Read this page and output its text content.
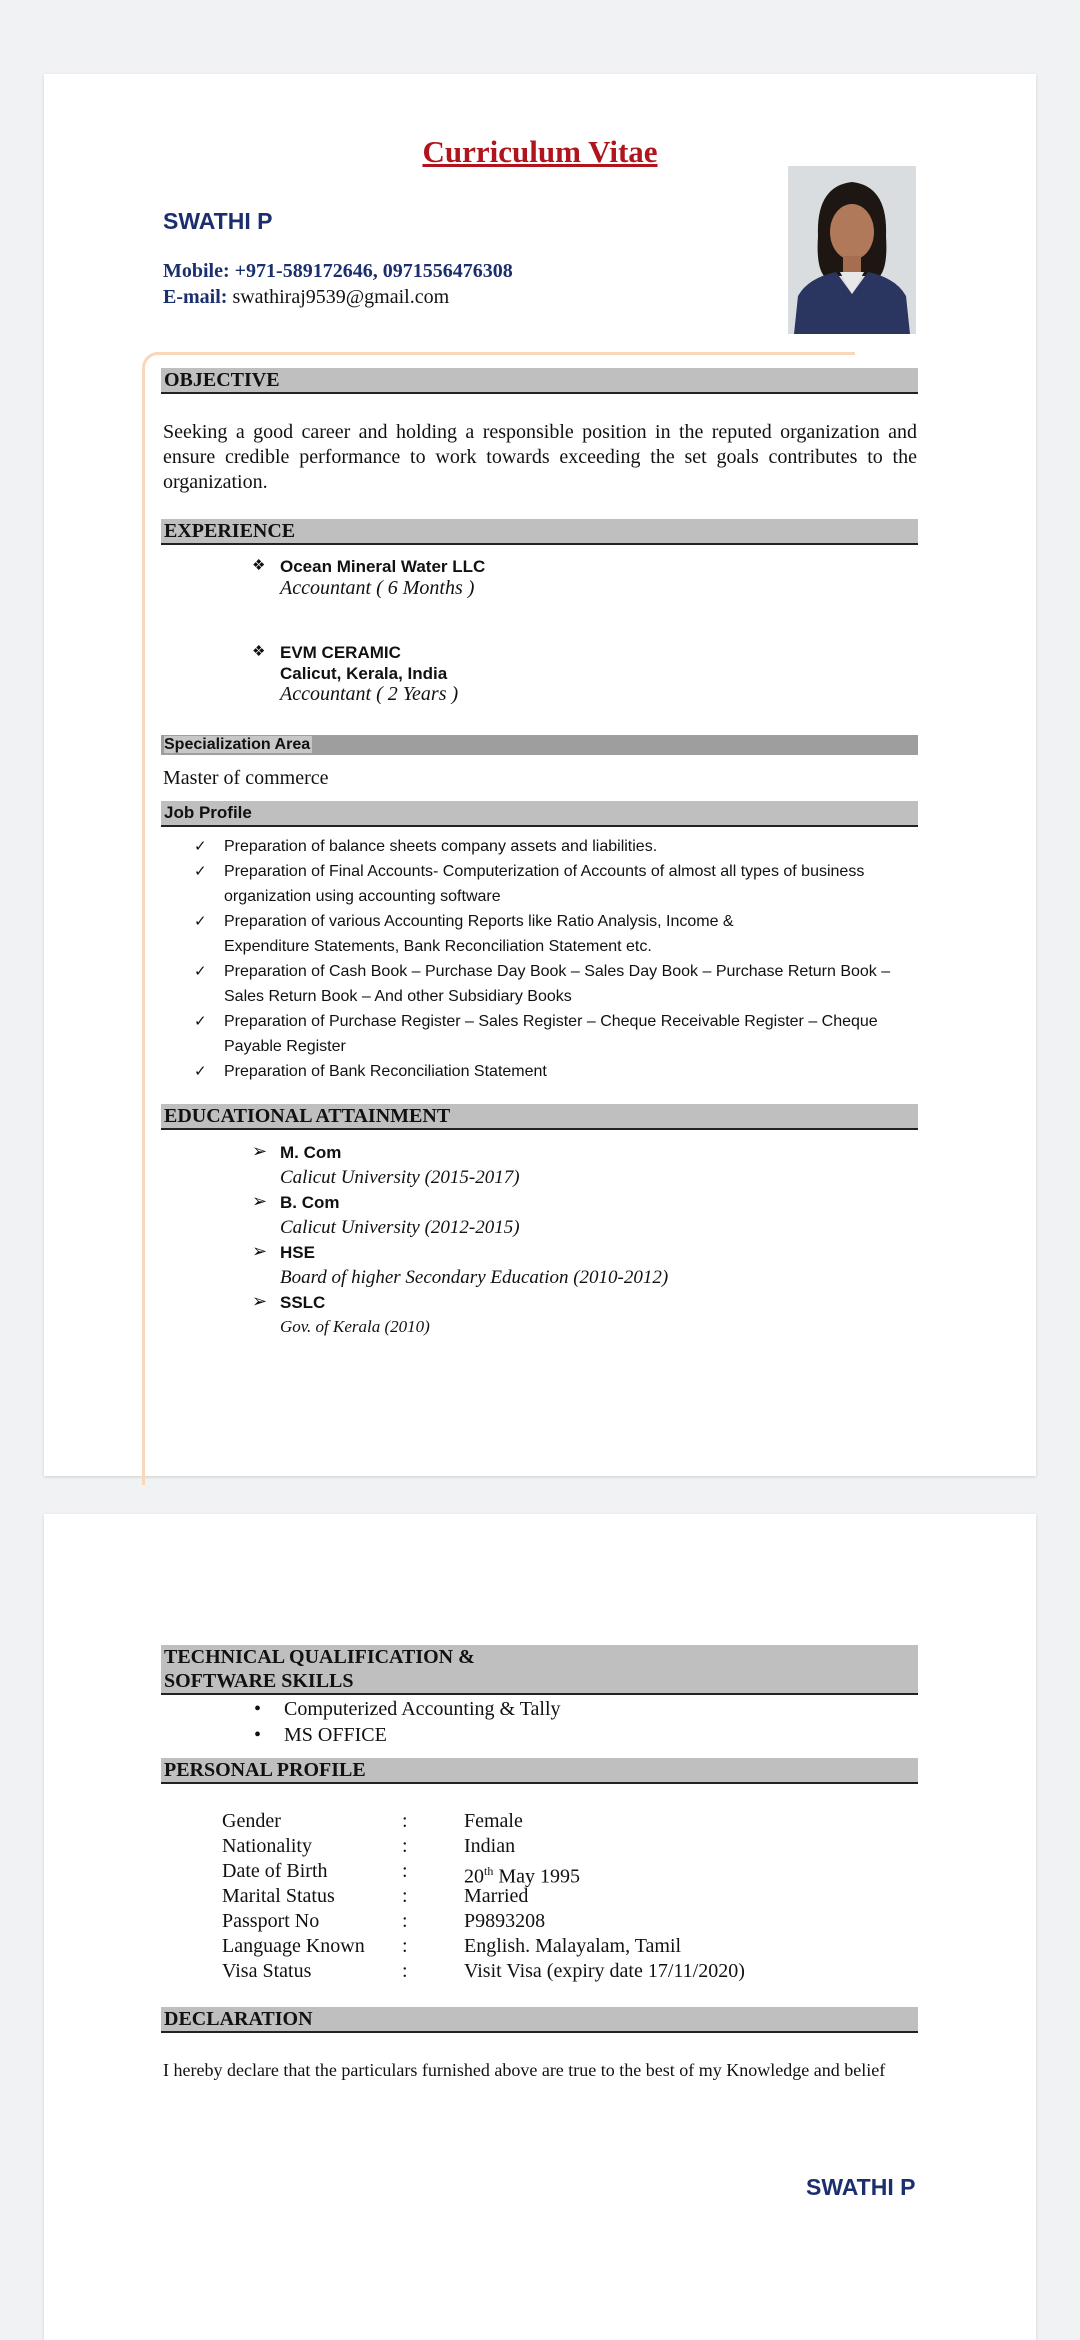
Curriculum Vitae
SWATHI P
Mobile: +971-589172646, 0971556476308
E-mail: swathiraj9539@gmail.com
OBJECTIVE
Seeking a good career and holding a responsible position in the reputed organization and ensure credible performance to work towards exceeding the set goals contributes to the organization.
EXPERIENCE
❖ Ocean Mineral Water LLC
Accountant ( 6 Months )
❖ EVM CERAMIC
Calicut, Kerala, India
Accountant ( 2 Years )
Specialization Area
Master of commerce
Job Profile
✓ Preparation of balance sheets company assets and liabilities.
✓ Preparation of Final Accounts- Computerization of Accounts of almost all types of business organization using accounting software
✓ Preparation of various Accounting Reports like Ratio Analysis, Income & Expenditure Statements, Bank Reconciliation Statement etc.
✓ Preparation of Cash Book – Purchase Day Book – Sales Day Book – Purchase Return Book – Sales Return Book – And other Subsidiary Books
✓ Preparation of Purchase Register – Sales Register – Cheque Receivable Register – Cheque Payable Register
✓ Preparation of Bank Reconciliation Statement
EDUCATIONAL ATTAINMENT
➢ M. Com
Calicut University (2015-2017)
➢ B. Com
Calicut University (2012-2015)
➢ HSE
Board of higher Secondary Education (2010-2012)
➢ SSLC
Gov. of Kerala (2010)
TECHNICAL QUALIFICATION &
SOFTWARE SKILLS
• Computerized Accounting & Tally
• MS OFFICE
PERSONAL PROFILE
Gender	:	Female
Nationality	:	Indian
Date of Birth	:	20th May 1995
Marital Status	:	Married
Passport No	:	P9893208
Language Known :	English. Malayalam, Tamil
Visa Status	:	Visit Visa (expiry date 17/11/2020)
DECLARATION
I hereby declare that the particulars furnished above are true to the best of my Knowledge and belief
SWATHI P
